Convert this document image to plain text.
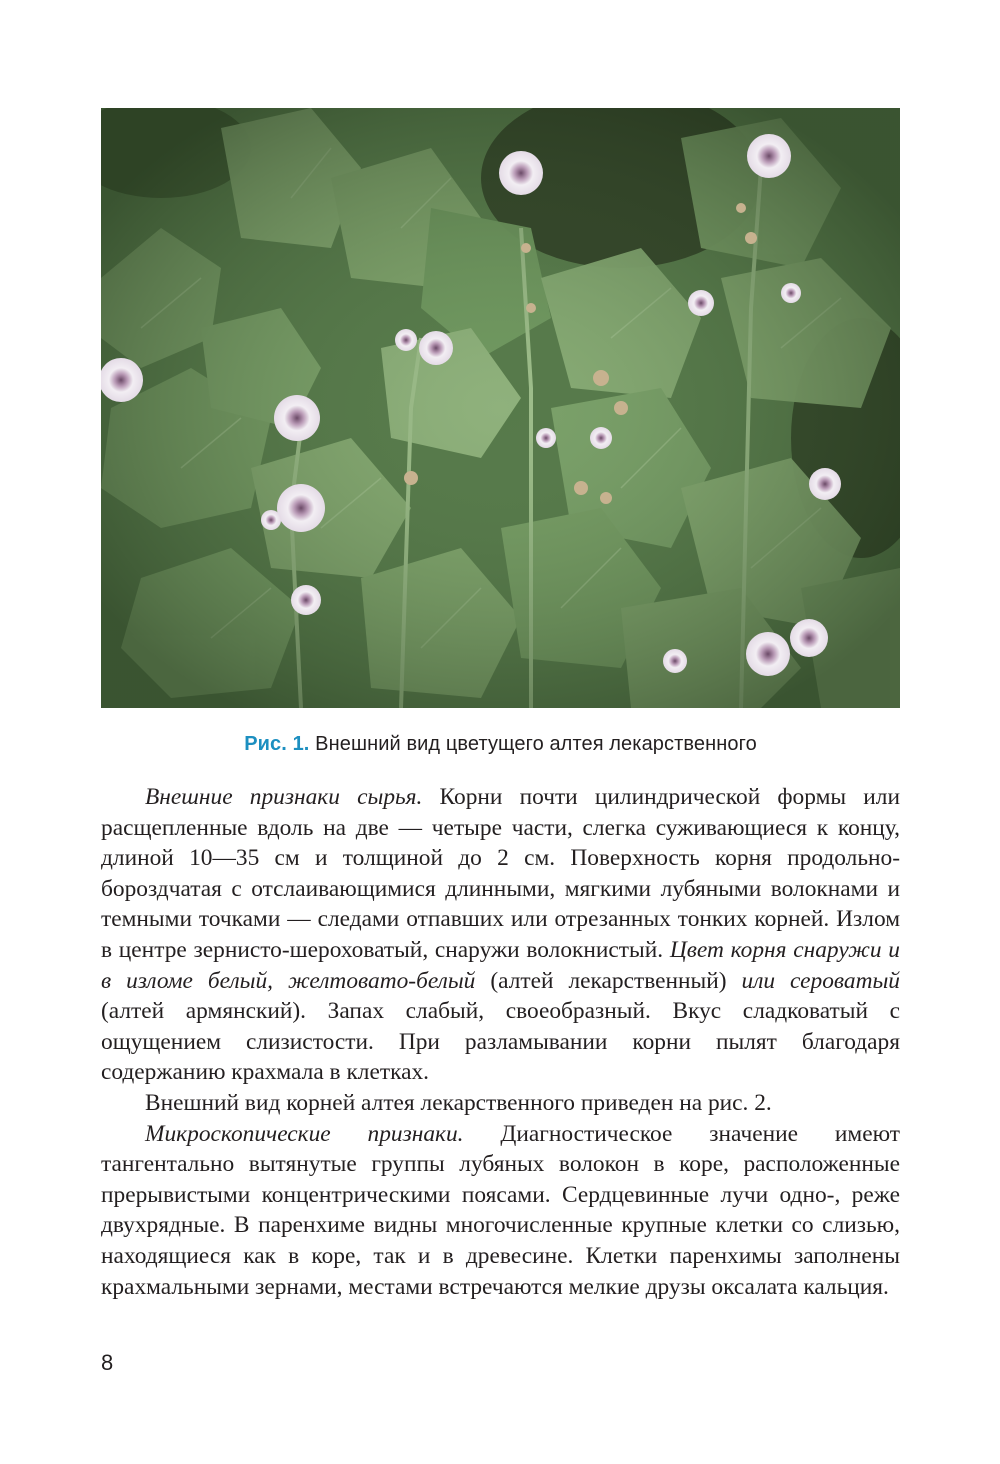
Рис. 1. Внешний вид цветущего алтея лекарственного

Внешние признаки сырья. Корни почти цилиндрической формы или расщепленные вдоль на две — четыре части, слегка суживающиеся к концу, длиной 10—35 см и толщиной до 2 см. Поверхность корня продольно-бороздчатая с отслаивающимися длинными, мягкими лубяными волокнами и темными точками — следами отпавших или отрезанных тонких корней. Излом в центре зернисто-шероховатый, снаружи волокнистый. Цвет корня снаружи и в изломе белый, желтовато-белый (алтей лекарственный) или сероватый (алтей армянский). Запах слабый, своеобразный. Вкус сладковатый с ощущением слизистости. При разламывании корни пылят благодаря содержанию крахмала в клетках.

Внешний вид корней алтея лекарственного приведен на рис. 2.

Микроскопические признаки. Диагностическое значение имеют тангентально вытянутые группы лубяных волокон в коре, расположенные прерывистыми концентрическими поясами. Сердцевинные лучи одно-, реже двухрядные. В паренхиме видны многочисленные крупные клетки со слизью, находящиеся как в коре, так и в древесине. Клетки паренхимы заполнены крахмальными зернами, местами встречаются мелкие друзы оксалата кальция.

8
